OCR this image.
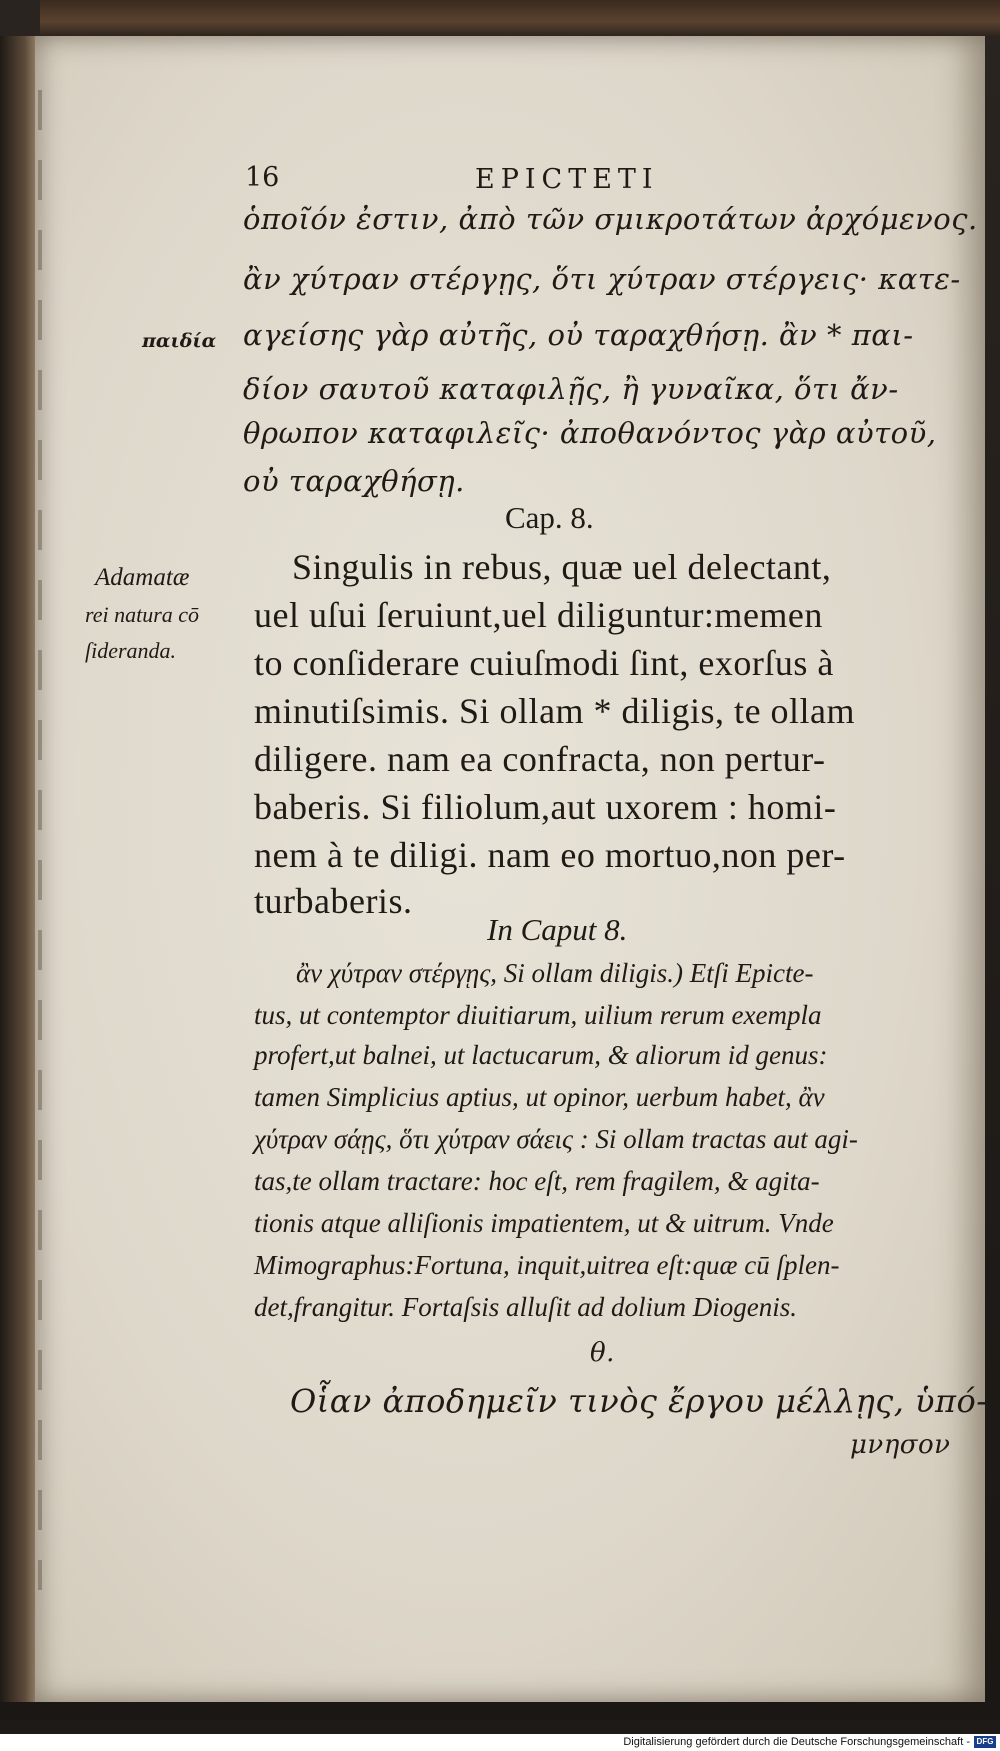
16	EPICTETI
ὁποῖόν ἐστιν, ἀπὸ τῶν σμικροτάτων ἀρχόμενος.
ἂν χύτραν στέργῃς, ὅτι χύτραν στέργεις· κατε-
αγείσης γὰρ αὐτῆς, οὐ ταραχθήσῃ. ἂν * παι-
δίον σαυτοῦ καταφιλῇς, ἢ γυναῖκα, ὅτι ἄν-
θρωπον καταφιλεῖς· ἀποθανόντος γὰρ αὐτοῦ,
οὐ ταραχθήσῃ.
παιδία
Adamatæ
rei natura cō
ſideranda.
Cap. 8.
Singulis in rebus, quæ uel delectant,
uel uſui ſeruiunt,uel diliguntur:memen
to conſiderare cuiuſmodi ſint, exorſus à
minutiſsimis. Si ollam * diligis, te ollam
diligere. nam ea confracta, non pertur-
baberis. Si filiolum,aut uxorem : homi-
nem à te diligi. nam eo mortuo,non per-
turbaberis.
In Caput 8.
ἂν χύτραν στέργῃς, Si ollam diligis.) Etſi Epicte-
tus, ut contemptor diuitiarum, uilium rerum exempla
profert,ut balnei, ut lactucarum, & aliorum id genus:
tamen Simplicius aptius, ut opinor, uerbum habet, ἂν
χύτραν σάῃς, ὅτι χύτραν σάεις : Si ollam tractas aut agi-
tas,te ollam tractare: hoc eſt, rem fragilem, & agita-
tionis atque alliſionis impatientem, ut & uitrum. Vnde
Mimographus:Fortuna, inquit,uitrea eſt:quæ cū ſplen-
det,frangitur. Fortaſsis alluſit ad dolium Diogenis.
θ.
Οἷαν ἀποδημεῖν τινὸς ἔργου μέλλῃς, ὑπό-
μνησον
Digitalisierung gefördert durch die Deutsche Forschungsgemeinschaft - DFG
